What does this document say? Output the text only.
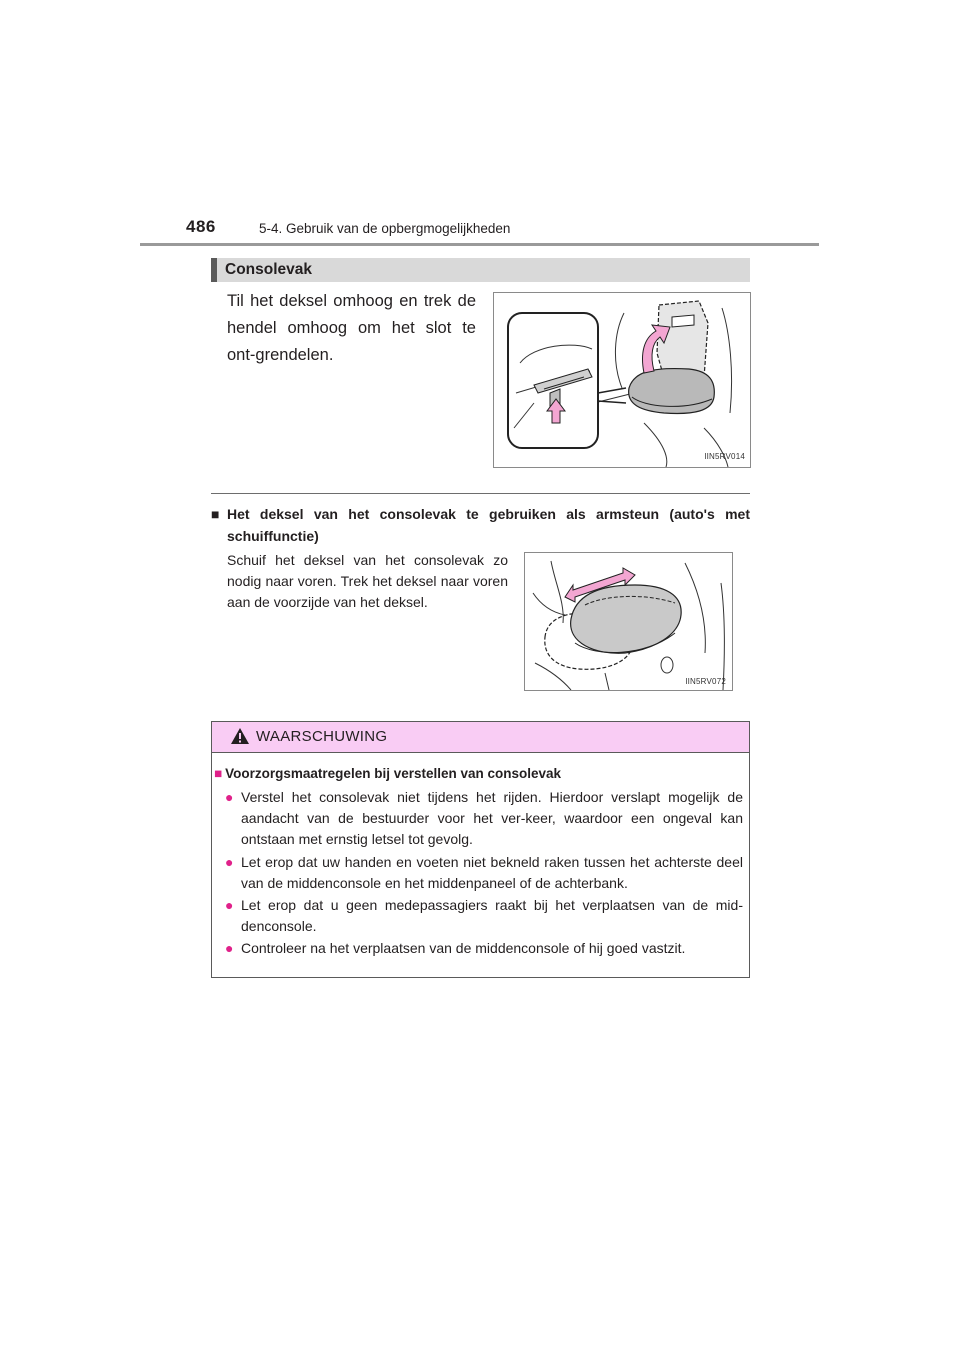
486	5-4. Gebruik van de opbergmogelijkheden
Consolevak
Til het deksel omhoog en trek de hendel omhoog om het slot te ont-grendelen.
IIN5RV014
■ Het deksel van het consolevak te gebruiken als armsteun (auto's met schuiffunctie)
Schuif het deksel van het consolevak zo nodig naar voren. Trek het deksel naar voren aan de voorzijde van het deksel.
IIN5RV072
WAARSCHUWING
■ Voorzorgsmaatregelen bij verstellen van consolevak
● Verstel het consolevak niet tijdens het rijden. Hierdoor verslapt mogelijk de aandacht van de bestuurder voor het ver-keer, waardoor een ongeval kan ontstaan met ernstig letsel tot gevolg.
● Let erop dat uw handen en voeten niet bekneld raken tussen het achterste deel van de middenconsole en het middenpaneel of de achterbank.
● Let erop dat u geen medepassagiers raakt bij het verplaatsen van de mid-denconsole.
● Controleer na het verplaatsen van de middenconsole of hij goed vastzit.
